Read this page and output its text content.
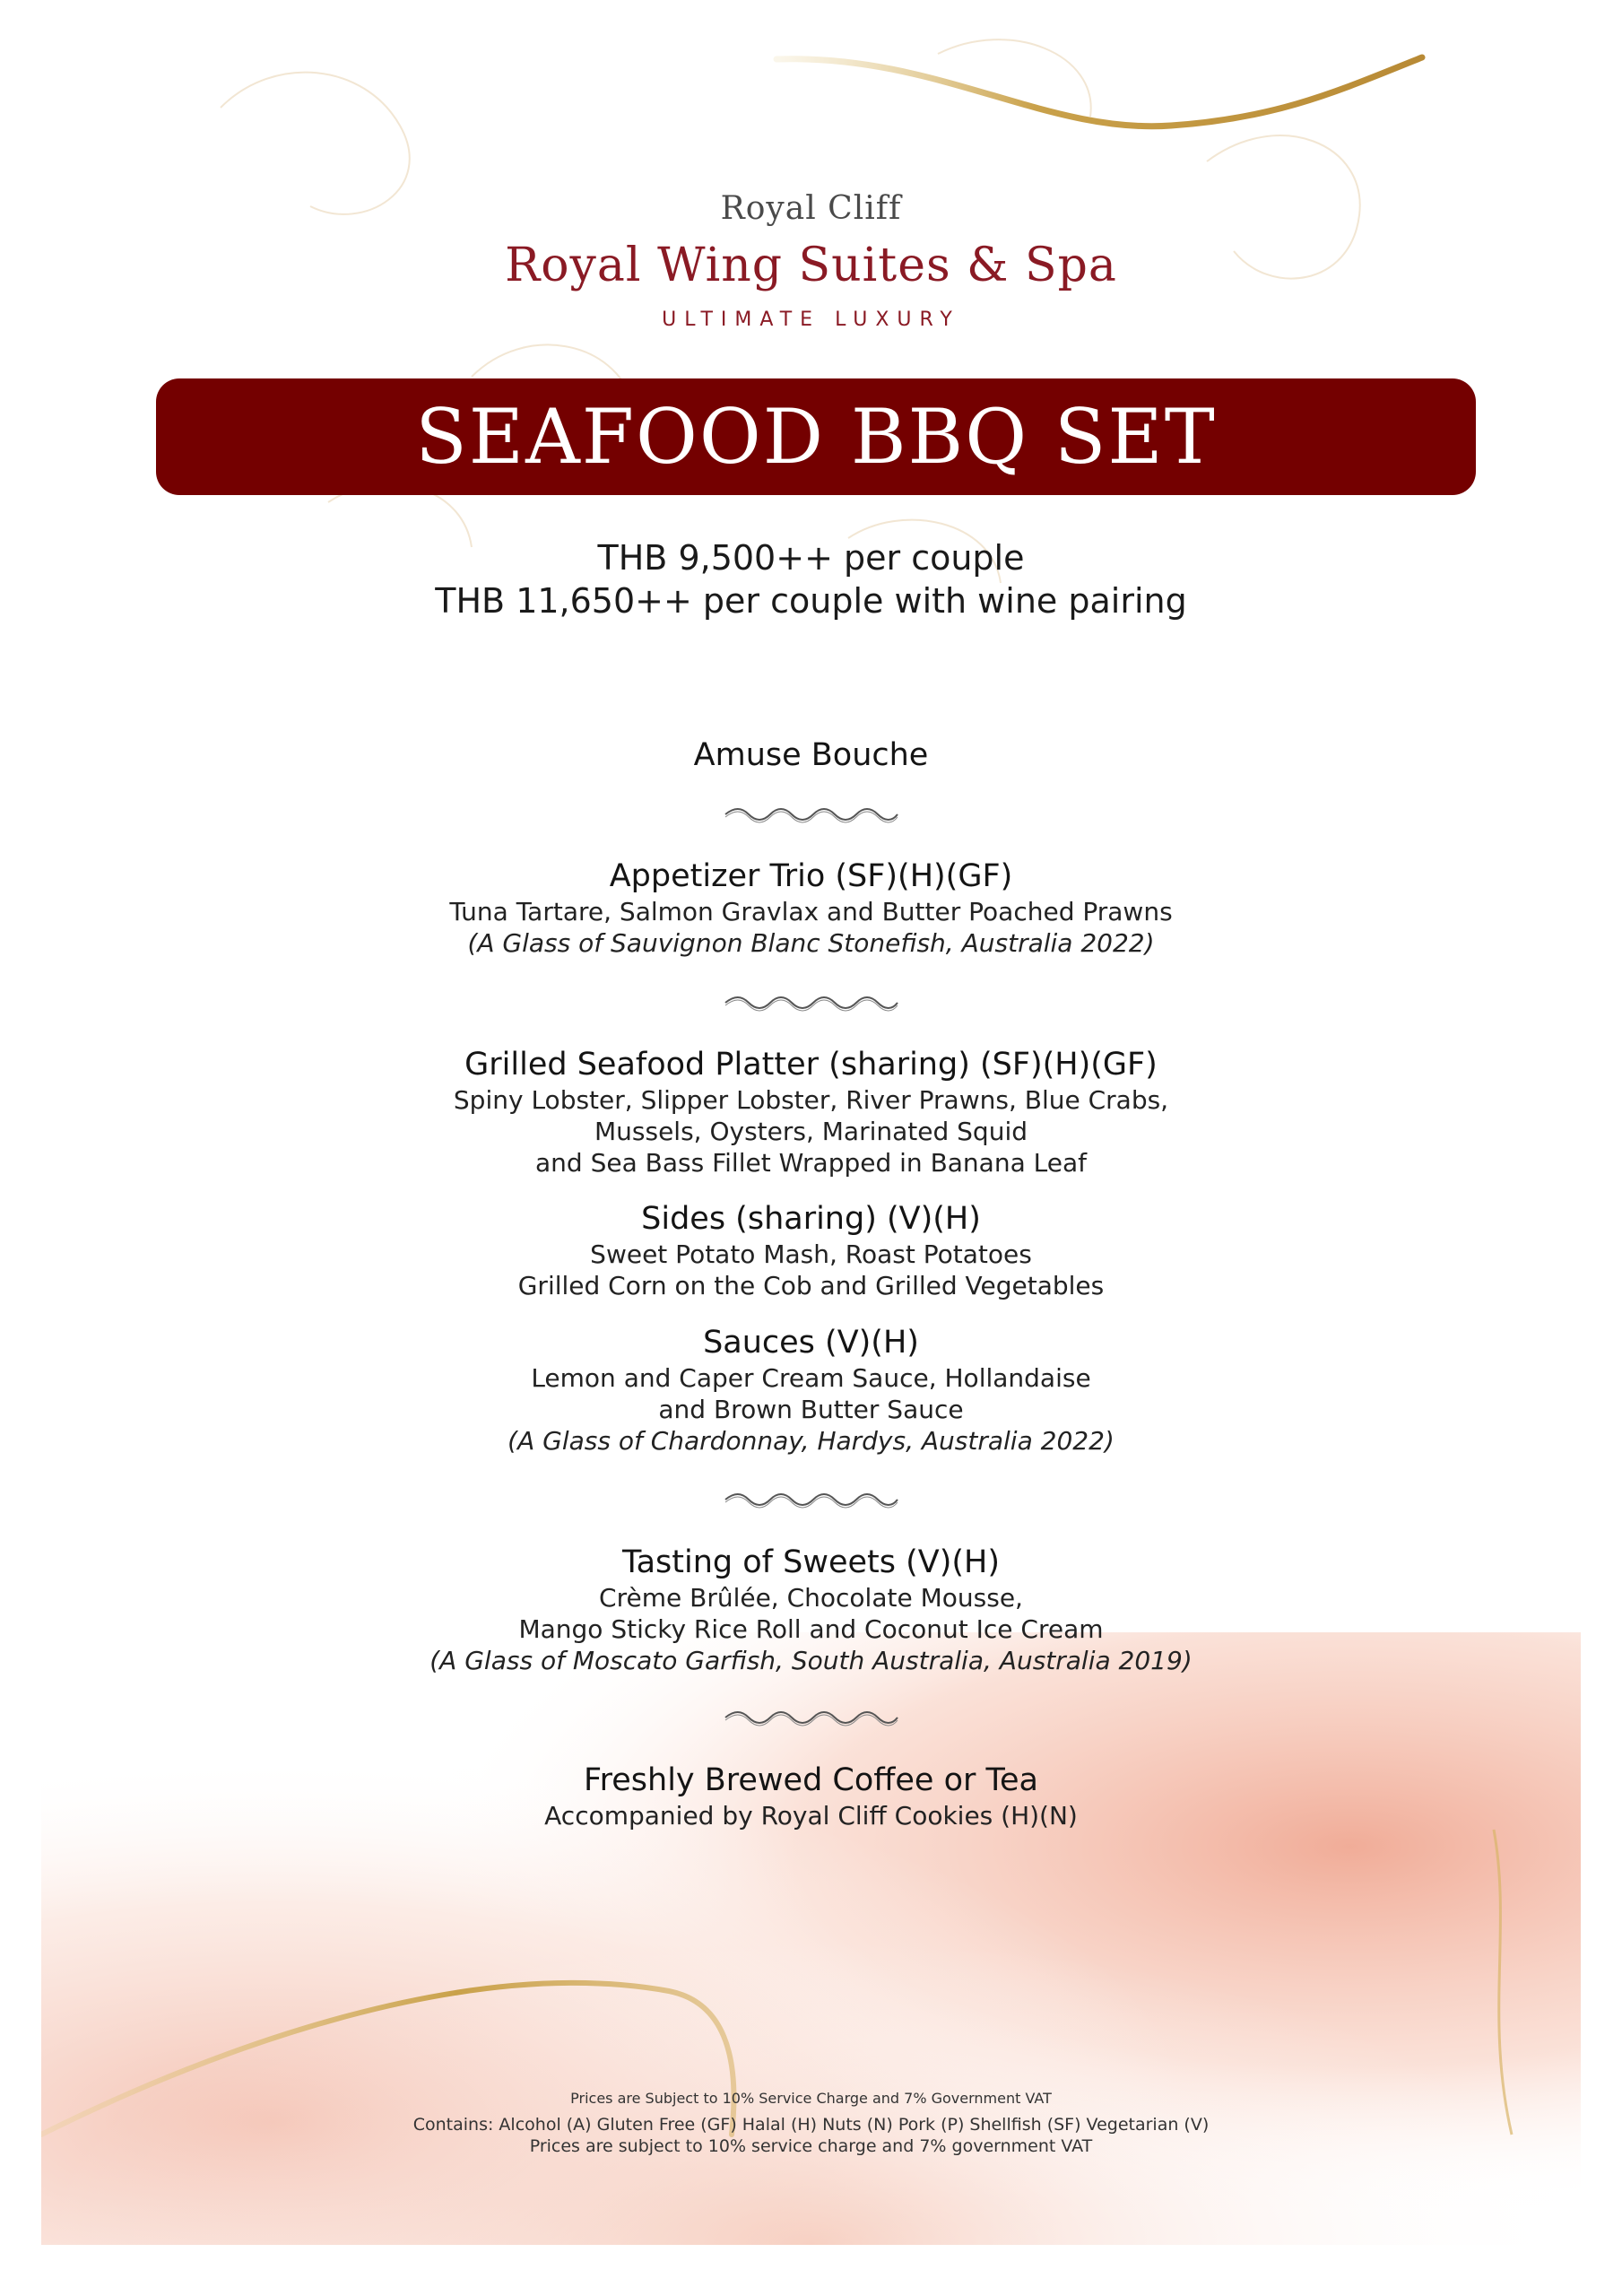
Royal Cliff
Royal Wing Suites & Spa
ULTIMATE LUXURY
SEAFOOD BBQ SET
THB 9,500++ per couple
THB 11,650++ per couple with wine pairing

Amuse Bouche

Appetizer Trio (SF)(H)(GF)

Tuna Tartare, Salmon Gravlax and Butter Poached Prawns

(A Glass of Sauvignon Blanc Stonefish, Australia 2022)

Grilled Seafood Platter (sharing) (SF)(H)(GF)

Spiny Lobster, Slipper Lobster, River Prawns, Blue Crabs,

Mussels, Oysters, Marinated Squid

and Sea Bass Fillet Wrapped in Banana Leaf

Sides (sharing) (V)(H)

Sweet Potato Mash, Roast Potatoes

Grilled Corn on the Cob and Grilled Vegetables

Sauces (V)(H)

Lemon and Caper Cream Sauce, Hollandaise

and Brown Butter Sauce

(A Glass of Chardonnay, Hardys, Australia 2022)

Tasting of Sweets (V)(H)

Crème Brûlée, Chocolate Mousse,

Mango Sticky Rice Roll and Coconut Ice Cream

(A Glass of Moscato Garfish, South Australia, Australia 2019)

Freshly Brewed Coffee or Tea

Accompanied by Royal Cliff Cookies (H)(N)

Prices are Subject to 10% Service Charge and 7% Government VAT
Contains: Alcohol (A) Gluten Free (GF) Halal (H) Nuts (N) Pork (P) Shellfish (SF) Vegetarian (V)
Prices are subject to 10% service charge and 7% government VAT
